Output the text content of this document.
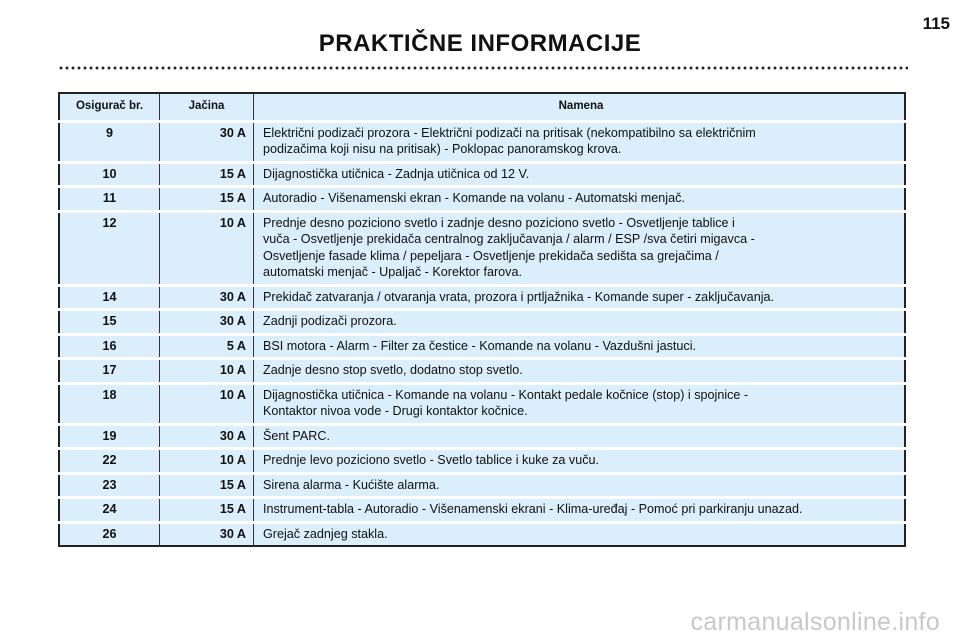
115
PRAKTIČNE INFORMACIJE
Osigurač br.	Jačina	Namena
9	30 A	Električni podizači prozora - Električni podizači na pritisak (nekompatibilno sa električnim
podizačima koji nisu na pritisak) - Poklopac panoramskog krova.

10	15 A	Dijagnostička utičnica - Zadnja utičnica od 12 V.

11	15 A	Autoradio - Višenamenski ekran - Komande na volanu - Automatski menjač.

12	10 A	Prednje desno poziciono svetlo i zadnje desno poziciono svetlo - Osvetljenje tablice i
vuča - Osvetljenje prekidača centralnog zaključavanja / alarm / ESP /sva četiri migavca -
Osvetljenje fasade klima / pepeljara - Osvetljenje prekidača sedišta sa grejačima /
automatski menjač - Upaljač - Korektor farova.

14	30 A	Prekidač zatvaranja / otvaranja vrata, prozora i prtljažnika - Komande super - zaključavanja.

15	30 A	Zadnji podizači prozora.

16	5 A	BSI motora - Alarm - Filter za čestice - Komande na volanu - Vazdušni jastuci.

17	10 A	Zadnje desno stop svetlo, dodatno stop svetlo.

18	10 A	Dijagnostička utičnica - Komande na volanu - Kontakt pedale kočnice (stop) i spojnice -
Kontaktor nivoa vode - Drugi kontaktor kočnice.

19	30 A	Šent PARC.

22	10 A	Prednje levo poziciono svetlo - Svetlo tablice i kuke za vuču.

23	15 A	Sirena alarma - Kućište alarma.

24	15 A	Instrument-tabla - Autoradio - Višenamenski ekrani - Klima-uređaj - Pomoć pri parkiranju unazad.

26	30 A	Grejač zadnjeg stakla.
carmanualsonline.info
